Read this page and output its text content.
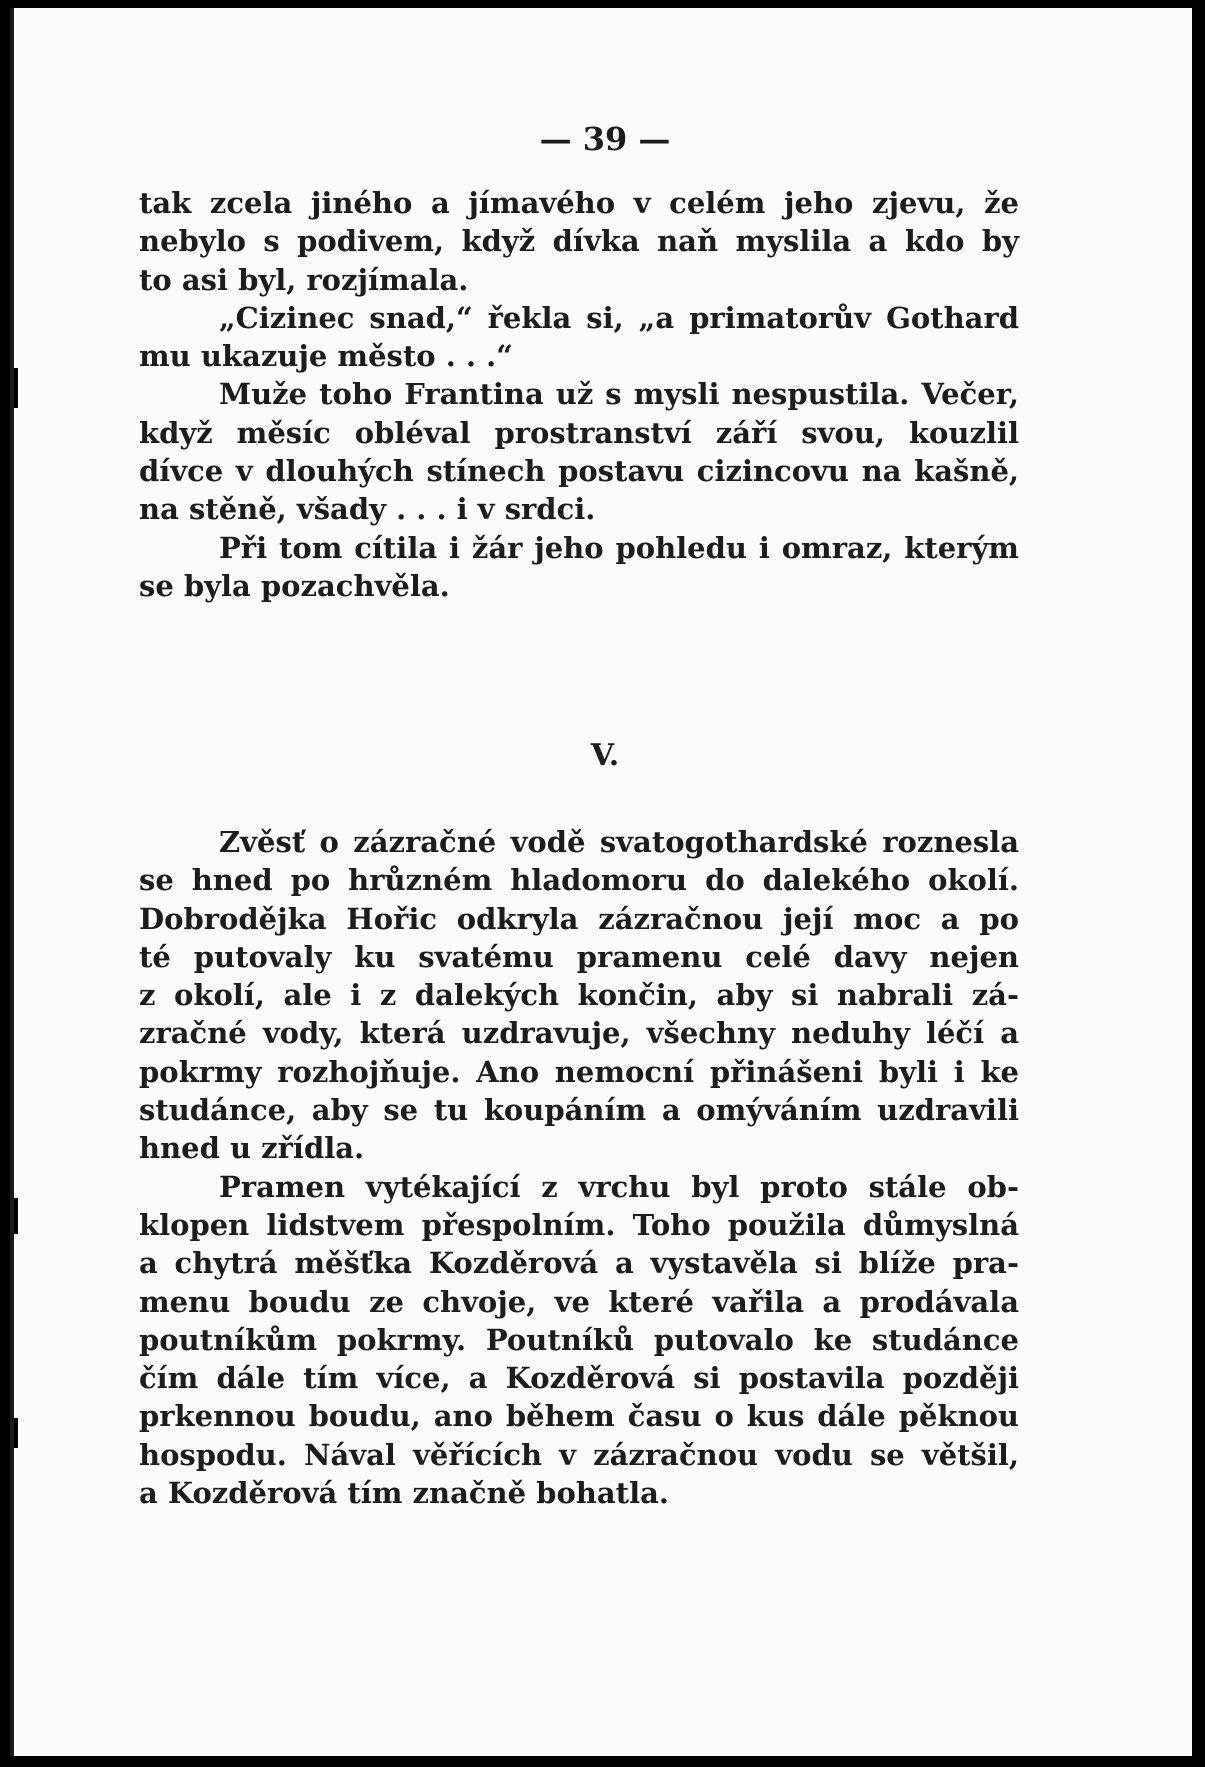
— 39 —
tak zcela jiného a jímavého v celém jeho zjevu, že
nebylo s podivem, když dívka naň myslila a kdo by
to asi byl, rozjímala.
„Cizinec snad,“ řekla si, „a primatorův Gothard
mu ukazuje město . . .“
Muže toho Frantina už s mysli nespustila. Večer,
když měsíc obléval prostranství září svou, kouzlil
dívce v dlouhých stínech postavu cizincovu na kašně,
na stěně, všady . . . i v srdci.
Při tom cítila i žár jeho pohledu i omraz, kterým
se byla pozachvěla.
V.
Zvěsť o zázračné vodě svatogothardské roznesla
se hned po hrůzném hladomoru do dalekého okolí.
Dobrodějka Hořic odkryla zázračnou její moc a po
té putovaly ku svatému pramenu celé davy nejen
z okolí, ale i z dalekých končin, aby si nabrali zá-
zračné vody, která uzdravuje, všechny neduhy léčí a
pokrmy rozhojňuje. Ano nemocní přinášeni byli i ke
studánce, aby se tu koupáním a omýváním uzdravili
hned u zřídla.
Pramen vytékající z vrchu byl proto stále ob-
klopen lidstvem přespolním. Toho použila důmyslná
a chytrá měšťka Kozděrová a vystavěla si blíže pra-
menu boudu ze chvoje, ve které vařila a prodávala
poutníkům pokrmy. Poutníků putovalo ke studánce
čím dále tím více, a Kozděrová si postavila později
prkennou boudu, ano během času o kus dále pěknou
hospodu. Nával věřících v zázračnou vodu se většil,
a Kozděrová tím značně bohatla.
